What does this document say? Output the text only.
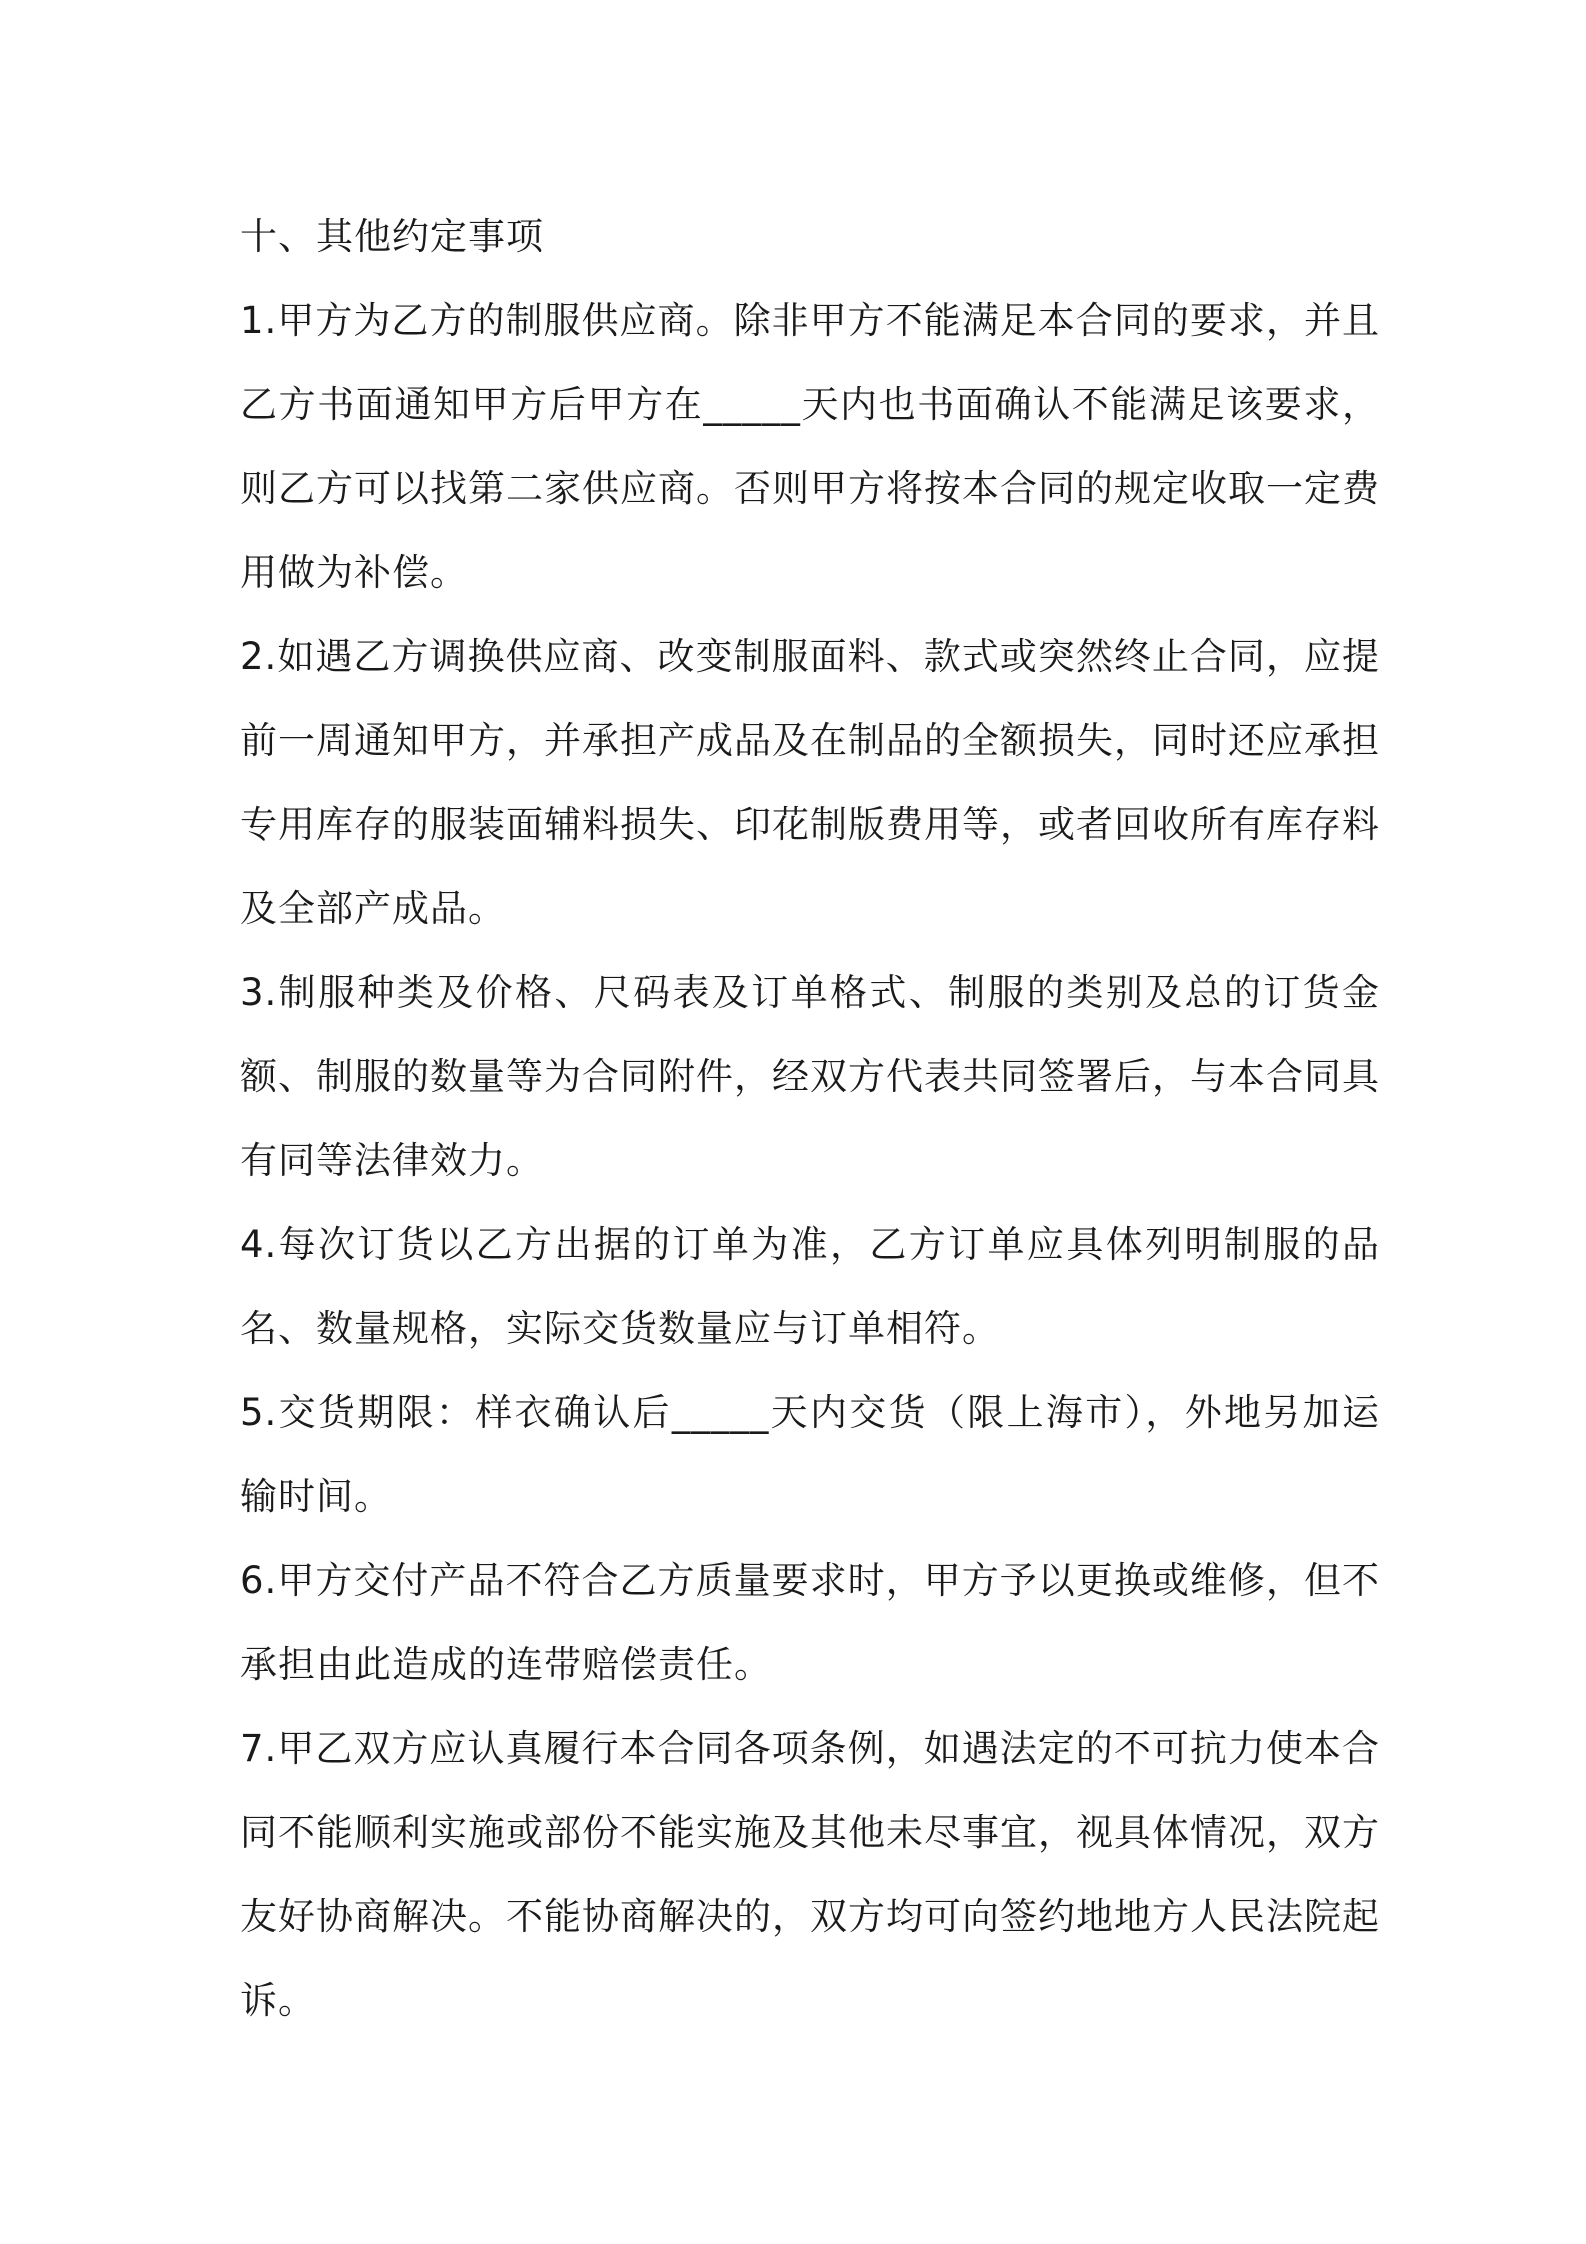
十、其他约定事项

1.甲方为乙方的制服供应商。除非甲方不能满足本合同的要求，并且乙方书面通知甲方后甲方在_____天内也书面确认不能满足该要求，则乙方可以找第二家供应商。否则甲方将按本合同的规定收取一定费用做为补偿。

2.如遇乙方调换供应商、改变制服面料、款式或突然终止合同，应提前一周通知甲方，并承担产成品及在制品的全额损失，同时还应承担专用库存的服装面辅料损失、印花制版费用等，或者回收所有库存料及全部产成品。

3.制服种类及价格、尺码表及订单格式、制服的类别及总的订货金额、制服的数量等为合同附件，经双方代表共同签署后，与本合同具有同等法律效力。

4.每次订货以乙方出据的订单为准，乙方订单应具体列明制服的品名、数量规格，实际交货数量应与订单相符。

5.交货期限：样衣确认后_____天内交货（限上海市），外地另加运输时间。

6.甲方交付产品不符合乙方质量要求时，甲方予以更换或维修，但不承担由此造成的连带赔偿责任。

7.甲乙双方应认真履行本合同各项条例，如遇法定的不可抗力使本合同不能顺利实施或部份不能实施及其他未尽事宜，视具体情况，双方友好协商解决。不能协商解决的，双方均可向签约地地方人民法院起诉。
